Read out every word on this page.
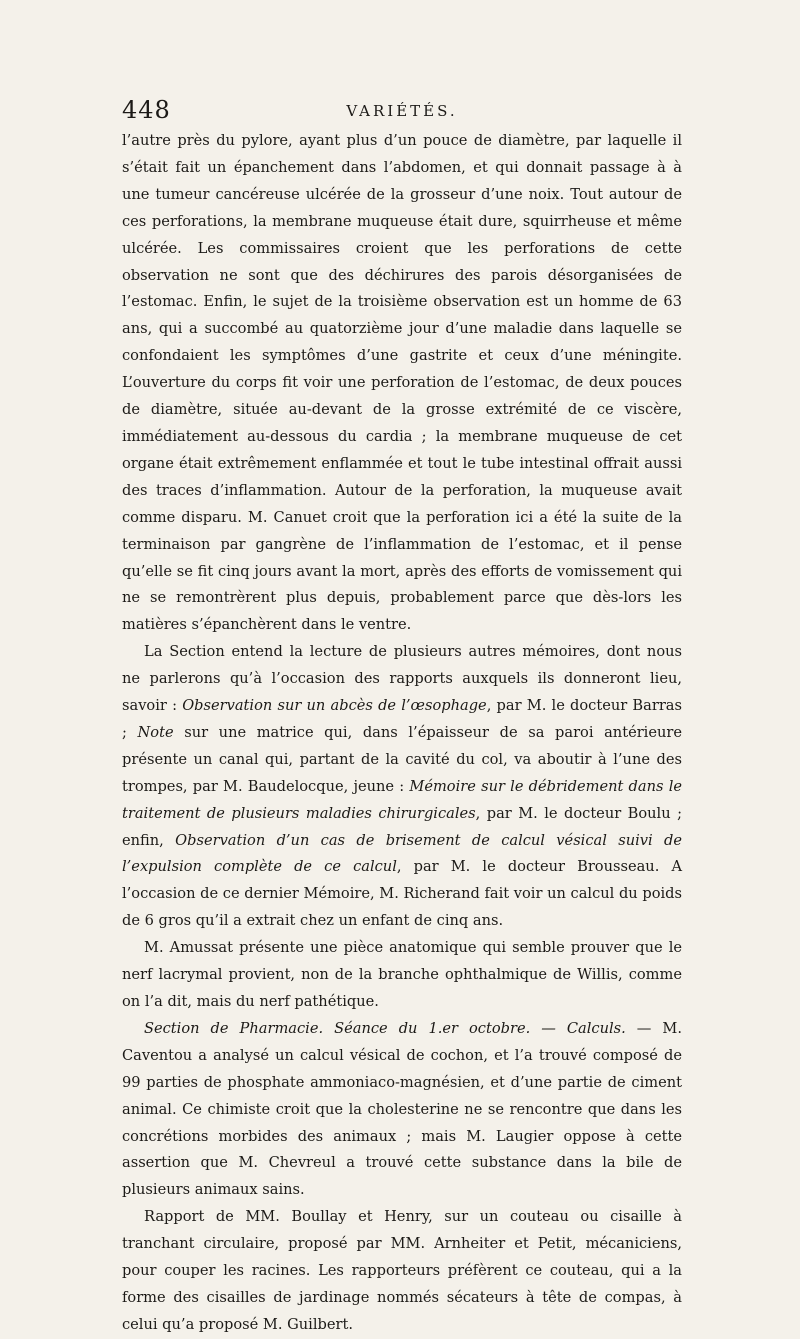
448	VARIÉTÉS.

l’autre près du pylore, ayant plus d’un pouce de diamètre, par laquelle il s’était fait un épanchement dans l’abdomen, et qui donnait passage à à une tumeur cancéreuse ulcérée de la grosseur d’une noix. Tout autour de ces perforations, la membrane muqueuse était dure, squirrheuse et même ulcérée. Les commissaires croient que les perforations de cette observation ne sont que des déchirures des parois désorganisées de l’estomac. Enfin, le sujet de la troisième observation est un homme de 63 ans, qui a succombé au quatorzième jour d’une maladie dans laquelle se confondaient les symptômes d’une gastrite et ceux d’une méningite. L’ouverture du corps fit voir une perforation de l’estomac, de deux pouces de diamètre, située au-devant de la grosse extrémité de ce viscère, immédiatement au-dessous du cardia ; la membrane muqueuse de cet organe était extrêmement enflammée et tout le tube intestinal offrait aussi des traces d’inflammation. Autour de la perforation, la muqueuse avait comme disparu. M. Canuet croit que la perforation ici a été la suite de la terminaison par gangrène de l’inflammation de l’estomac, et il pense qu’elle se fit cinq jours avant la mort, après des efforts de vomissement qui ne se remontrèrent plus depuis, probablement parce que dès-lors les matières s’épanchèrent dans le ventre.

La Section entend la lecture de plusieurs autres mémoires, dont nous ne parlerons qu’à l’occasion des rapports auxquels ils donneront lieu, savoir : Observation sur un abcès de l’œsophage, par M. le docteur Barras ; Note sur une matrice qui, dans l’épaisseur de sa paroi antérieure présente un canal qui, partant de la cavité du col, va aboutir à l’une des trompes, par M. Baudelocque, jeune : Mémoire sur le débridement dans le traitement de plusieurs maladies chirurgicales, par M. le docteur Boulu ; enfin, Observation d’un cas de brisement de calcul vésical suivi de l’expulsion complète de ce calcul, par M. le docteur Brousseau. A l’occasion de ce dernier Mémoire, M. Richerand fait voir un calcul du poids de 6 gros qu’il a extrait chez un enfant de cinq ans.

M. Amussat présente une pièce anatomique qui semble prouver que le nerf lacrymal provient, non de la branche ophthalmique de Willis, comme on l’a dit, mais du nerf pathétique.

Section de Pharmacie. Séance du 1.er octobre. — Calculs. — M. Caventou a analysé un calcul vésical de cochon, et l’a trouvé composé de 99 parties de phosphate ammoniaco-magnésien, et d’une partie de ciment animal. Ce chimiste croit que la cholesterine ne se rencontre que dans les concrétions morbides des animaux ; mais M. Laugier oppose à cette assertion que M. Chevreul a trouvé cette substance dans la bile de plusieurs animaux sains.

Rapport de MM. Boullay et Henry, sur un couteau ou cisaille à tranchant circulaire, proposé par MM. Arnheiter et Petit, mécaniciens, pour couper les racines. Les rapporteurs préfèrent ce couteau, qui a la forme des cisailles de jardinage nommés sécateurs à tête de compas, à celui qu’a proposé M. Guilbert.
